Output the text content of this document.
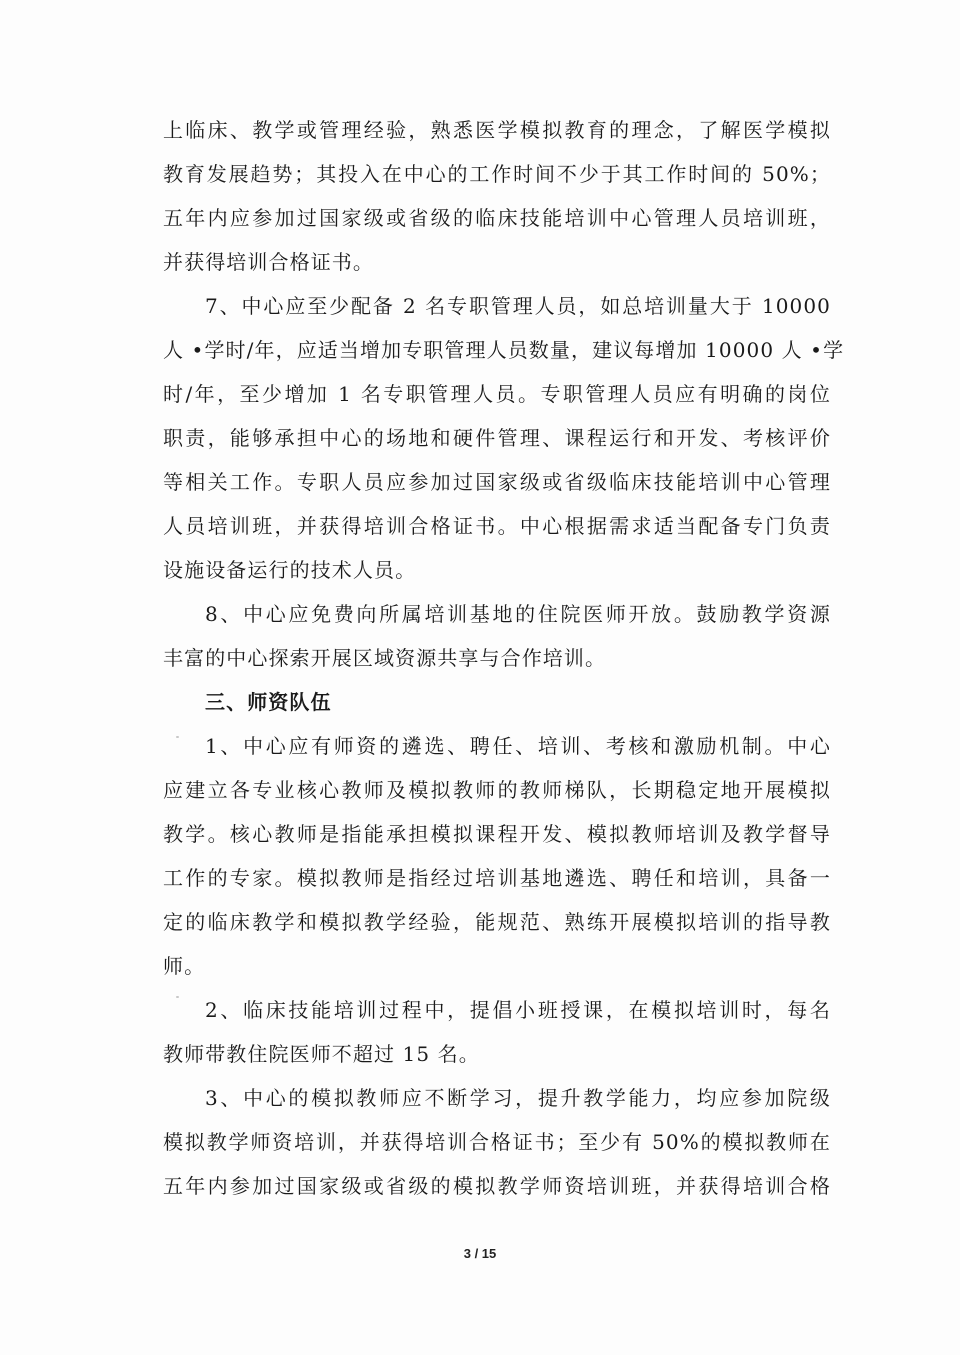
上临床、教学或管理经验，熟悉医学模拟教育的理念，了解医学模拟
教育发展趋势；其投入在中心的工作时间不少于其工作时间的 50%；
五年内应参加过国家级或省级的临床技能培训中心管理人员培训班，
并获得培训合格证书。
7、中心应至少配备 2 名专职管理人员，如总培训量大于 10000
人 •学时/年，应适当增加专职管理人员数量，建议每增加 10000 人 •学
时/年，至少增加 1 名专职管理人员。专职管理人员应有明确的岗位
职责，能够承担中心的场地和硬件管理、课程运行和开发、考核评价
等相关工作。专职人员应参加过国家级或省级临床技能培训中心管理
人员培训班，并获得培训合格证书。中心根据需求适当配备专门负责
设施设备运行的技术人员。
8、中心应免费向所属培训基地的住院医师开放。鼓励教学资源
丰富的中心探索开展区域资源共享与合作培训。
三、师资队伍
1、中心应有师资的遴选、聘任、培训、考核和激励机制。中心
应建立各专业核心教师及模拟教师的教师梯队，长期稳定地开展模拟
教学。核心教师是指能承担模拟课程开发、模拟教师培训及教学督导
工作的专家。模拟教师是指经过培训基地遴选、聘任和培训，具备一
定的临床教学和模拟教学经验，能规范、熟练开展模拟培训的指导教
师。
2、临床技能培训过程中，提倡小班授课，在模拟培训时，每名
教师带教住院医师不超过 15 名。
3、中心的模拟教师应不断学习，提升教学能力，均应参加院级
模拟教学师资培训，并获得培训合格证书；至少有 50%的模拟教师在
五年内参加过国家级或省级的模拟教学师资培训班，并获得培训合格
3 / 15
